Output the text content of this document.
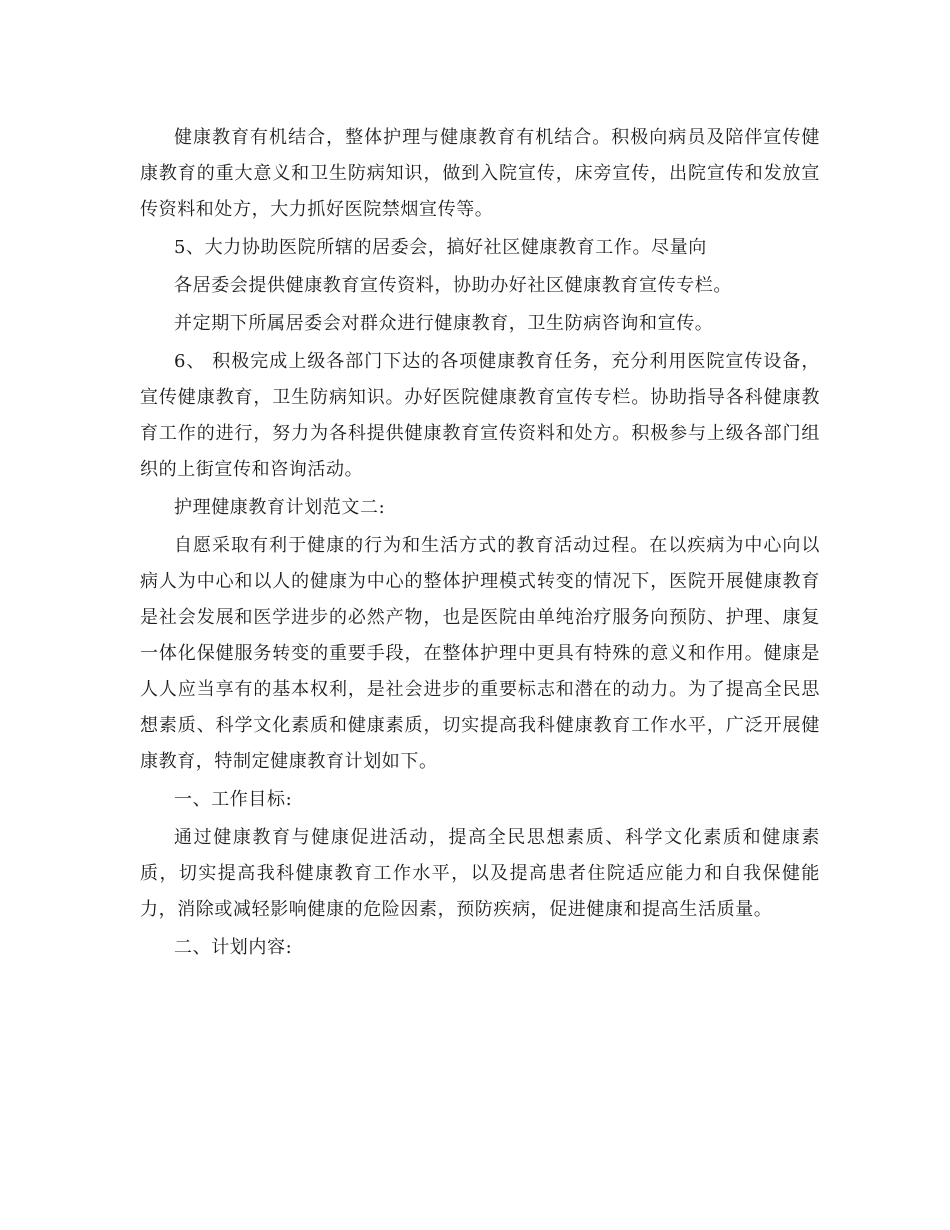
健康教育有机结合，整体护理与健康教育有机结合。积极向病员及陪伴宣传健康教育的重大意义和卫生防病知识，做到入院宣传，床旁宣传，出院宣传和发放宣传资料和处方，大力抓好医院禁烟宣传等。

5、大力协助医院所辖的居委会，搞好社区健康教育工作。尽量向

各居委会提供健康教育宣传资料，协助办好社区健康教育宣传专栏。

并定期下所属居委会对群众进行健康教育，卫生防病咨询和宣传。

6、 积极完成上级各部门下达的各项健康教育任务，充分利用医院宣传设备，宣传健康教育，卫生防病知识。办好医院健康教育宣传专栏。协助指导各科健康教育工作的进行，努力为各科提供健康教育宣传资料和处方。积极参与上级各部门组织的上街宣传和咨询活动。

护理健康教育计划范文二:

自愿采取有利于健康的行为和生活方式的教育活动过程。在以疾病为中心向以病人为中心和以人的健康为中心的整体护理模式转变的情况下，医院开展健康教育是社会发展和医学进步的必然产物，也是医院由单纯治疗服务向预防、护理、康复一体化保健服务转变的重要手段，在整体护理中更具有特殊的意义和作用。健康是人人应当享有的基本权利，是社会进步的重要标志和潜在的动力。为了提高全民思想素质、科学文化素质和健康素质，切实提高我科健康教育工作水平，广泛开展健康教育，特制定健康教育计划如下。

一、工作目标:

通过健康教育与健康促进活动，提高全民思想素质、科学文化素质和健康素质，切实提高我科健康教育工作水平，以及提高患者住院适应能力和自我保健能力，消除或减轻影响健康的危险因素，预防疾病，促进健康和提高生活质量。

二、计划内容:
